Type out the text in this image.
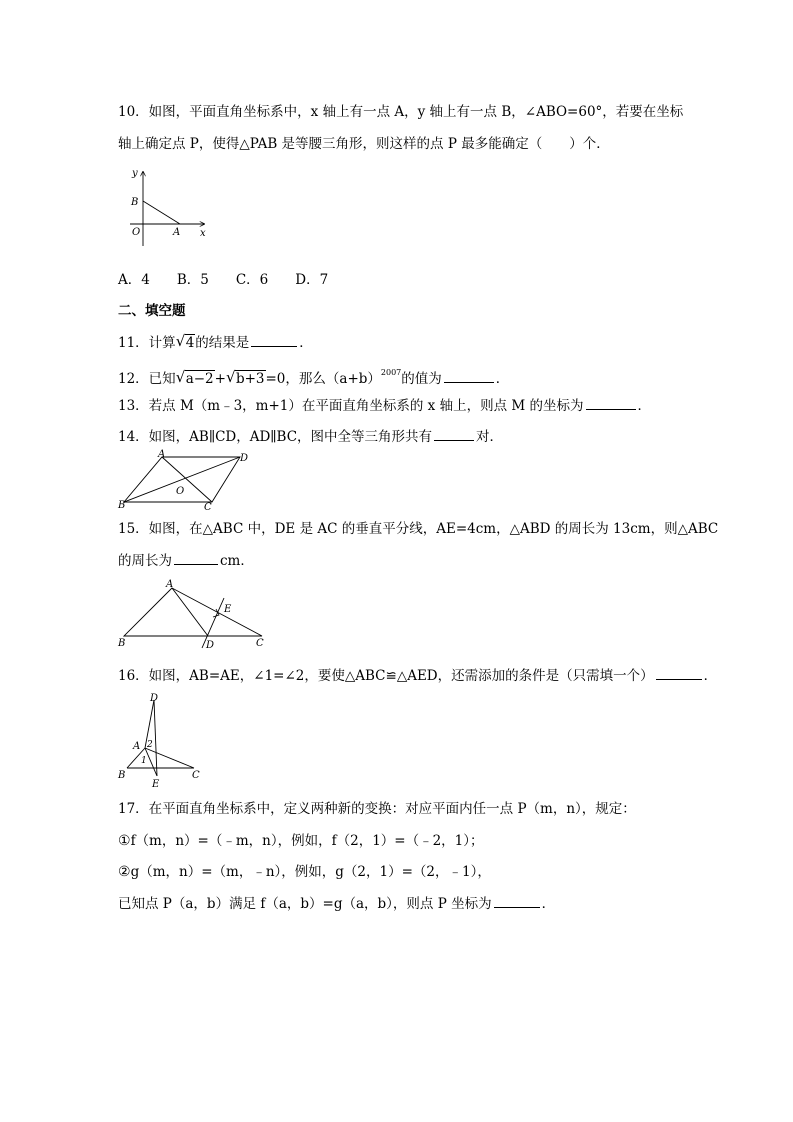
10．如图，平面直角坐标系中，x 轴上有一点 A，y 轴上有一点 B，∠ABO=60°，若要在坐标
轴上确定点 P，使得△PAB 是等腰三角形，则这样的点 P 最多能确定（　　）个．
y
x
B
O	A
A．4　　B．5　　C．6　　D．7
二、填空题
11．计算 √ 4的结果是	．
12．已知 √ a−2+ √ b+3=0，那么$(a+b)^{2007}$的值为	．
13．若点 M（m﹣3，m+1）在平面直角坐标系的 x 轴上，则点 M 的坐标为	．
14．如图，AB∥CD，AD∥BC，图中全等三角形共有	对．
A	D
O
B	C
15．如图，在△ABC 中，DE 是 AC 的垂直平分线，AE=4cm，△ABD 的周长为 13cm，则△ABC
的周长为	cm．
A
E
B	D	C
16．如图，AB=AE，∠1=∠2，要使△ABC≌△AED，还需添加的条件是（只需填一个）	．
D
A 2
1
B
E
C
17．在平面直角坐标系中，定义两种新的变换：对应平面内任一点 P（m，n），规定：
①f（m，n）=（﹣m，n），例如，f（2，1）=（﹣2，1）；
②g（m，n）=（m，﹣n），例如，g（2，1）=（2，﹣1），
已知点 P（a，b）满足 f（a，b）=g（a，b），则点 P 坐标为	．
